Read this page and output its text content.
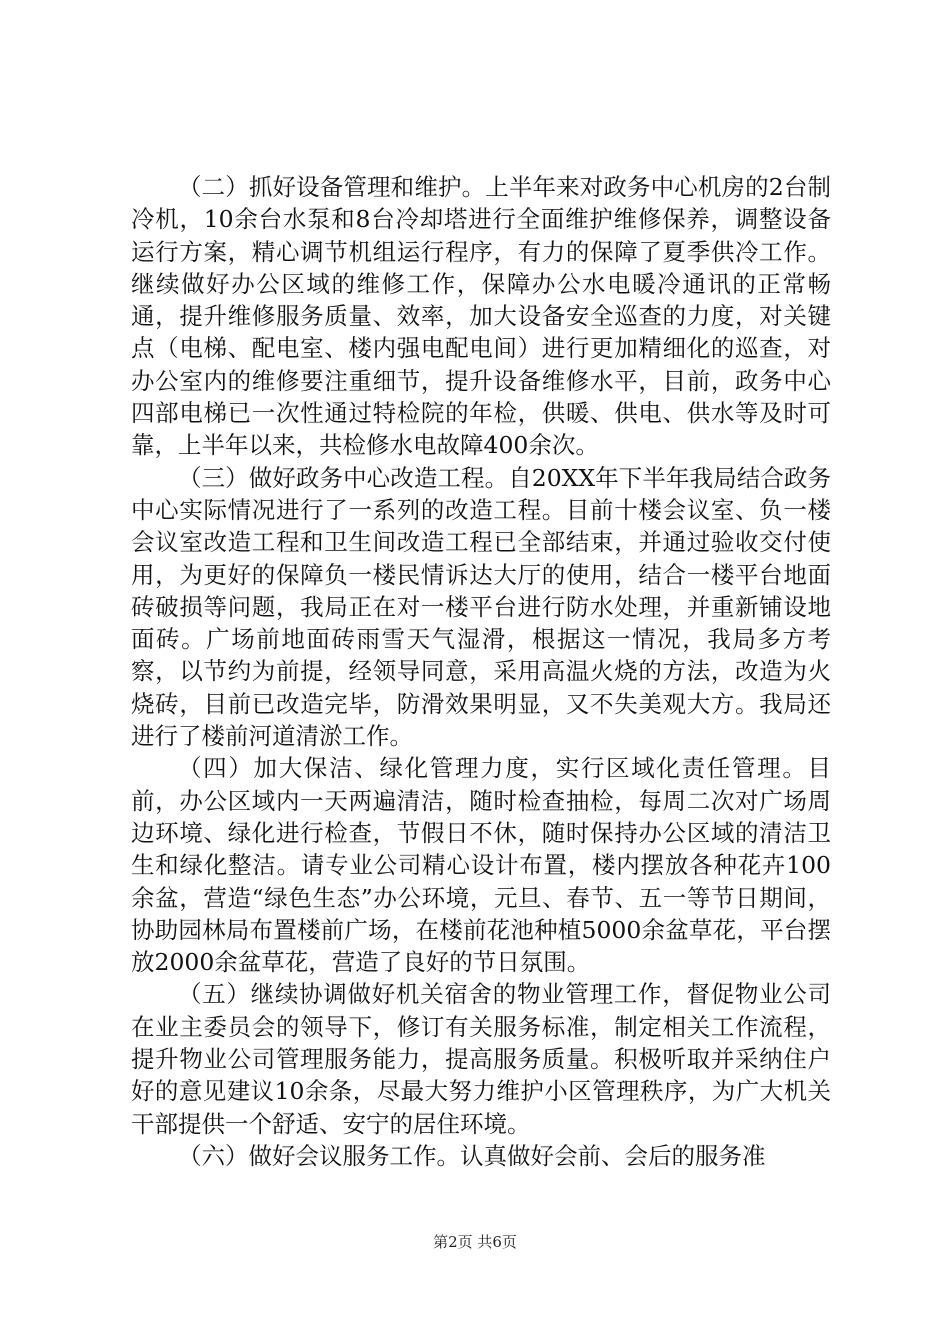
（二）抓好设备管理和维护。上半年来对政务中心机房的2台制冷机，10余台水泵和8台冷却塔进行全面维护维修保养，调整设备运行方案，精心调节机组运行程序，有力的保障了夏季供冷工作。继续做好办公区域的维修工作，保障办公水电暖冷通讯的正常畅通，提升维修服务质量、效率，加大设备安全巡查的力度，对关键点（电梯、配电室、楼内强电配电间）进行更加精细化的巡查，对办公室内的维修要注重细节，提升设备维修水平，目前，政务中心四部电梯已一次性通过特检院的年检，供暖、供电、供水等及时可靠，上半年以来，共检修水电故障400余次。

（三）做好政务中心改造工程。自20XX年下半年我局结合政务中心实际情况进行了一系列的改造工程。目前十楼会议室、负一楼会议室改造工程和卫生间改造工程已全部结束，并通过验收交付使用，为更好的保障负一楼民情诉达大厅的使用，结合一楼平台地面砖破损等问题，我局正在对一楼平台进行防水处理，并重新铺设地面砖。广场前地面砖雨雪天气湿滑，根据这一情况，我局多方考察，以节约为前提，经领导同意，采用高温火烧的方法，改造为火烧砖，目前已改造完毕，防滑效果明显，又不失美观大方。我局还进行了楼前河道清淤工作。

（四）加大保洁、绿化管理力度，实行区域化责任管理。目前，办公区域内一天两遍清洁，随时检查抽检，每周二次对广场周边环境、绿化进行检查，节假日不休，随时保持办公区域的清洁卫生和绿化整洁。请专业公司精心设计布置，楼内摆放各种花卉100余盆，营造“绿色生态”办公环境，元旦、春节、五一等节日期间，协助园林局布置楼前广场，在楼前花池种植5000余盆草花，平台摆放2000余盆草花，营造了良好的节日氛围。

（五）继续协调做好机关宿舍的物业管理工作，督促物业公司在业主委员会的领导下，修订有关服务标准，制定相关工作流程，提升物业公司管理服务能力，提高服务质量。积极听取并采纳住户好的意见建议10余条，尽最大努力维护小区管理秩序，为广大机关干部提供一个舒适、安宁的居住环境。

（六）做好会议服务工作。认真做好会前、会后的服务准

第2页 共6页
